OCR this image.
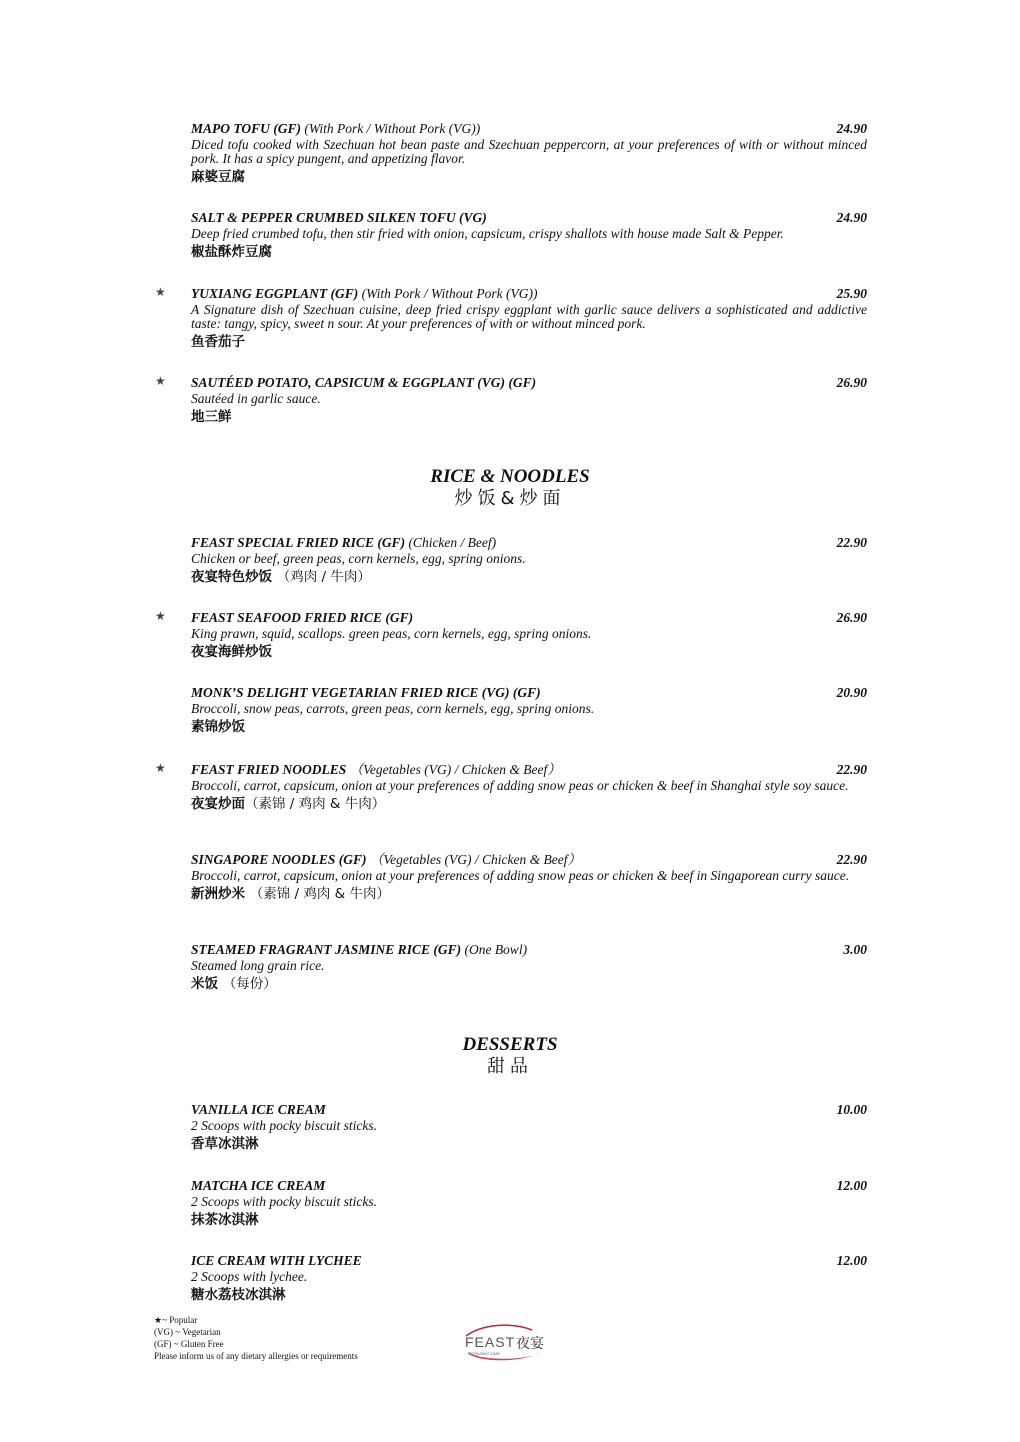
MAPO TOFU (GF) (With Pork / Without Pork (VG))	24.90
Diced tofu cooked with Szechuan hot bean paste and Szechuan peppercorn, at your preferences of with or without minced pork. It has a spicy pungent, and appetizing flavor.
麻婆豆腐
SALT & PEPPER CRUMBED SILKEN TOFU (VG)	24.90
Deep fried crumbed tofu, then stir fried with onion, capsicum, crispy shallots with house made Salt & Pepper.
椒盐酥炸豆腐
★ YUXIANG EGGPLANT (GF) (With Pork / Without Pork (VG))	25.90
A Signature dish of Szechuan cuisine, deep fried crispy eggplant with garlic sauce delivers a sophisticated and addictive taste: tangy, spicy, sweet n sour. At your preferences of with or without minced pork.
鱼香茄子
★ SAUTÉED POTATO, CAPSICUM & EGGPLANT (VG) (GF)	26.90
Sautéed in garlic sauce.
地三鲜
RICE & NOODLES
炒饭&炒面
FEAST SPECIAL FRIED RICE (GF) (Chicken / Beef)	22.90
Chicken or beef, green peas, corn kernels, egg, spring onions.
夜宴特色炒饭 （鸡肉 / 牛肉）
★ FEAST SEAFOOD FRIED RICE (GF)	26.90
King prawn, squid, scallops. green peas, corn kernels, egg, spring onions.
夜宴海鲜炒饭
MONK’S DELIGHT VEGETARIAN FRIED RICE (VG) (GF)	20.90
Broccoli, snow peas, carrots, green peas, corn kernels, egg, spring onions.
素锦炒饭
★ FEAST FRIED NOODLES （Vegetables (VG) / Chicken & Beef）	22.90
Broccoli, carrot, capsicum, onion at your preferences of adding snow peas or chicken & beef in Shanghai style soy sauce.
夜宴炒面（素锦 / 鸡肉 & 牛肉）
SINGAPORE NOODLES (GF) （Vegetables (VG) / Chicken & Beef）	22.90
Broccoli, carrot, capsicum, onion at your preferences of adding snow peas or chicken & beef in Singaporean curry sauce.
新洲炒米 （素锦 / 鸡肉 & 牛肉）
STEAMED FRAGRANT JASMINE RICE (GF) (One Bowl)	3.00
Steamed long grain rice.
米饭 （每份）
DESSERTS
甜品
VANILLA ICE CREAM	10.00
2 Scoops with pocky biscuit sticks.
香草冰淇淋
MATCHA ICE CREAM	12.00
2 Scoops with pocky biscuit sticks.
抹茶冰淇淋
ICE CREAM WITH LYCHEE	12.00
2 Scoops with lychee.
糖水荔枝冰淇淋
★~ Popular
(VG) ~ Vegetarian
(GF) ~ Gluten Free
Please inform us of any dietary allergies or requirements
FEAST 夜宴
RESTAURANT & BAR
